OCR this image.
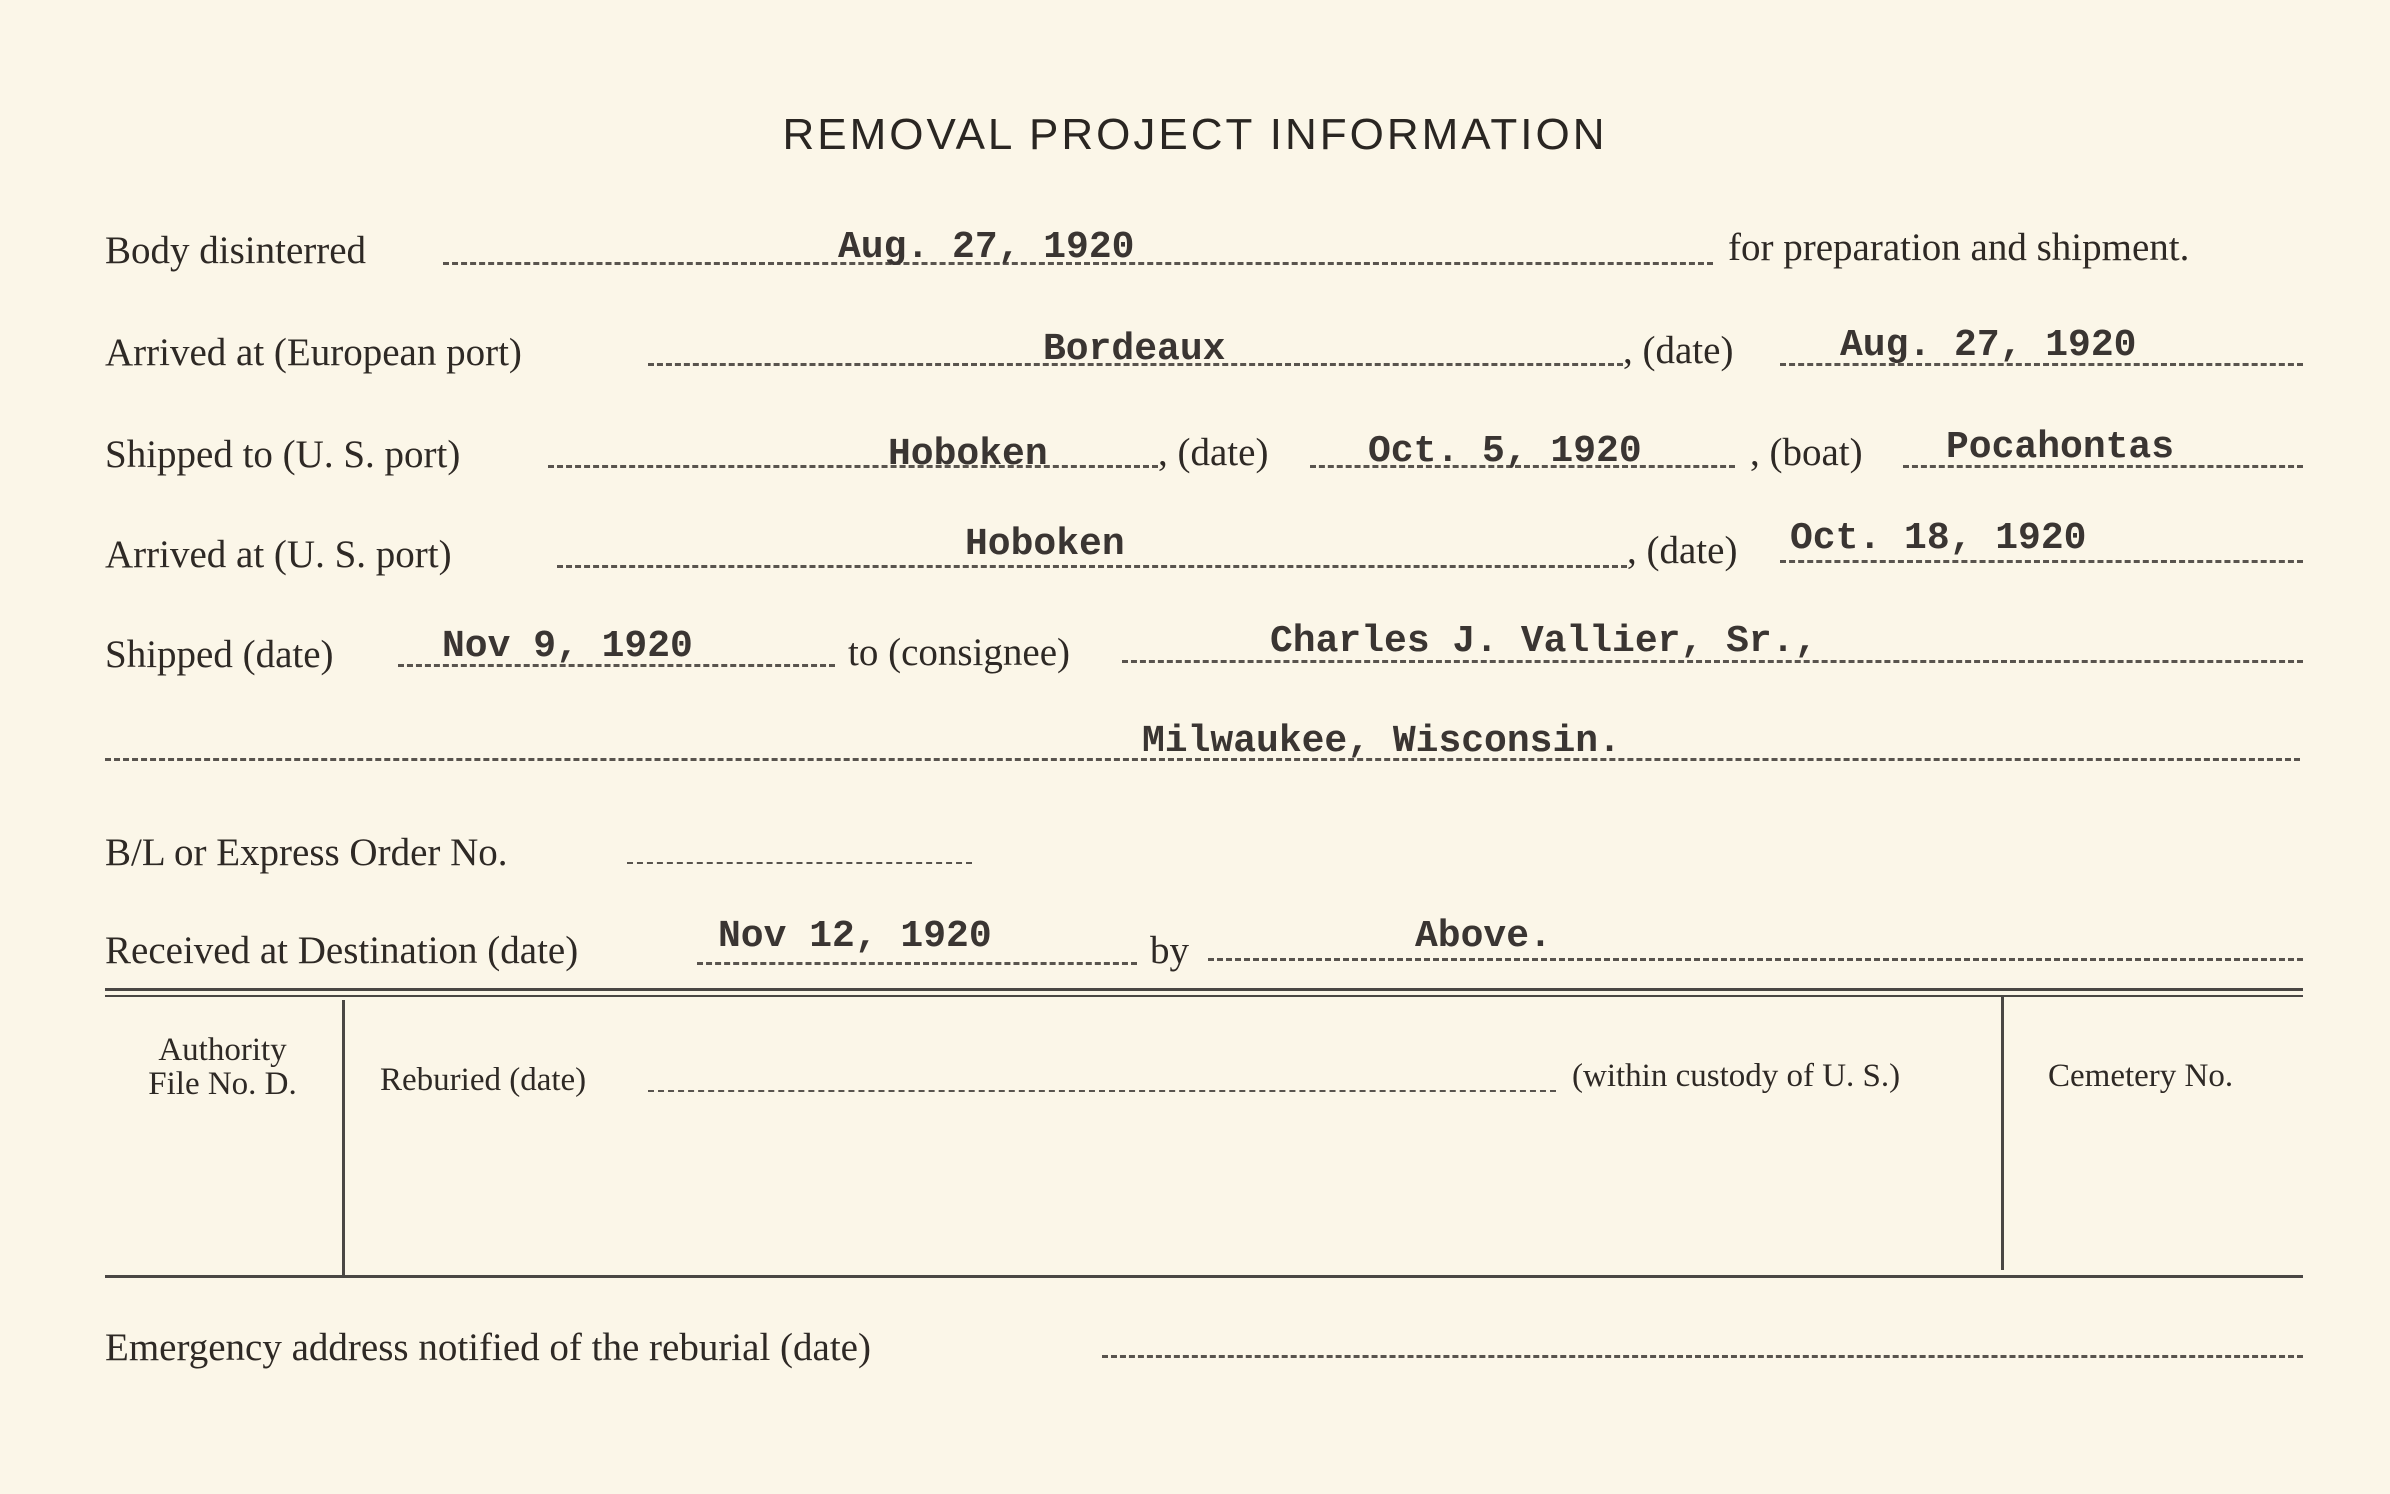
REMOVAL PROJECT INFORMATION
Body disinterred	Aug. 27, 1920	for preparation and shipment.
Arrived at (European port)	Bordeaux	, (date)	Aug. 27, 1920
Shipped to (U. S. port)	Hoboken	, (date)	Oct. 5, 1920	, (boat) Pocahontas
Arrived at (U. S. port)	Hoboken	, (date) Oct. 18, 1920
Shipped (date)	Nov 9, 1920	to (consignee)	Charles J. Vallier, Sr.,
Milwaukee, Wisconsin.
B/L or Express Order No.
Received at Destination (date)	Nov 12, 1920	by	Above.
Authority
File No. D.	Reburied (date)	(within custody of U. S.)	Cemetery No.
Emergency address notified of the reburial (date)
